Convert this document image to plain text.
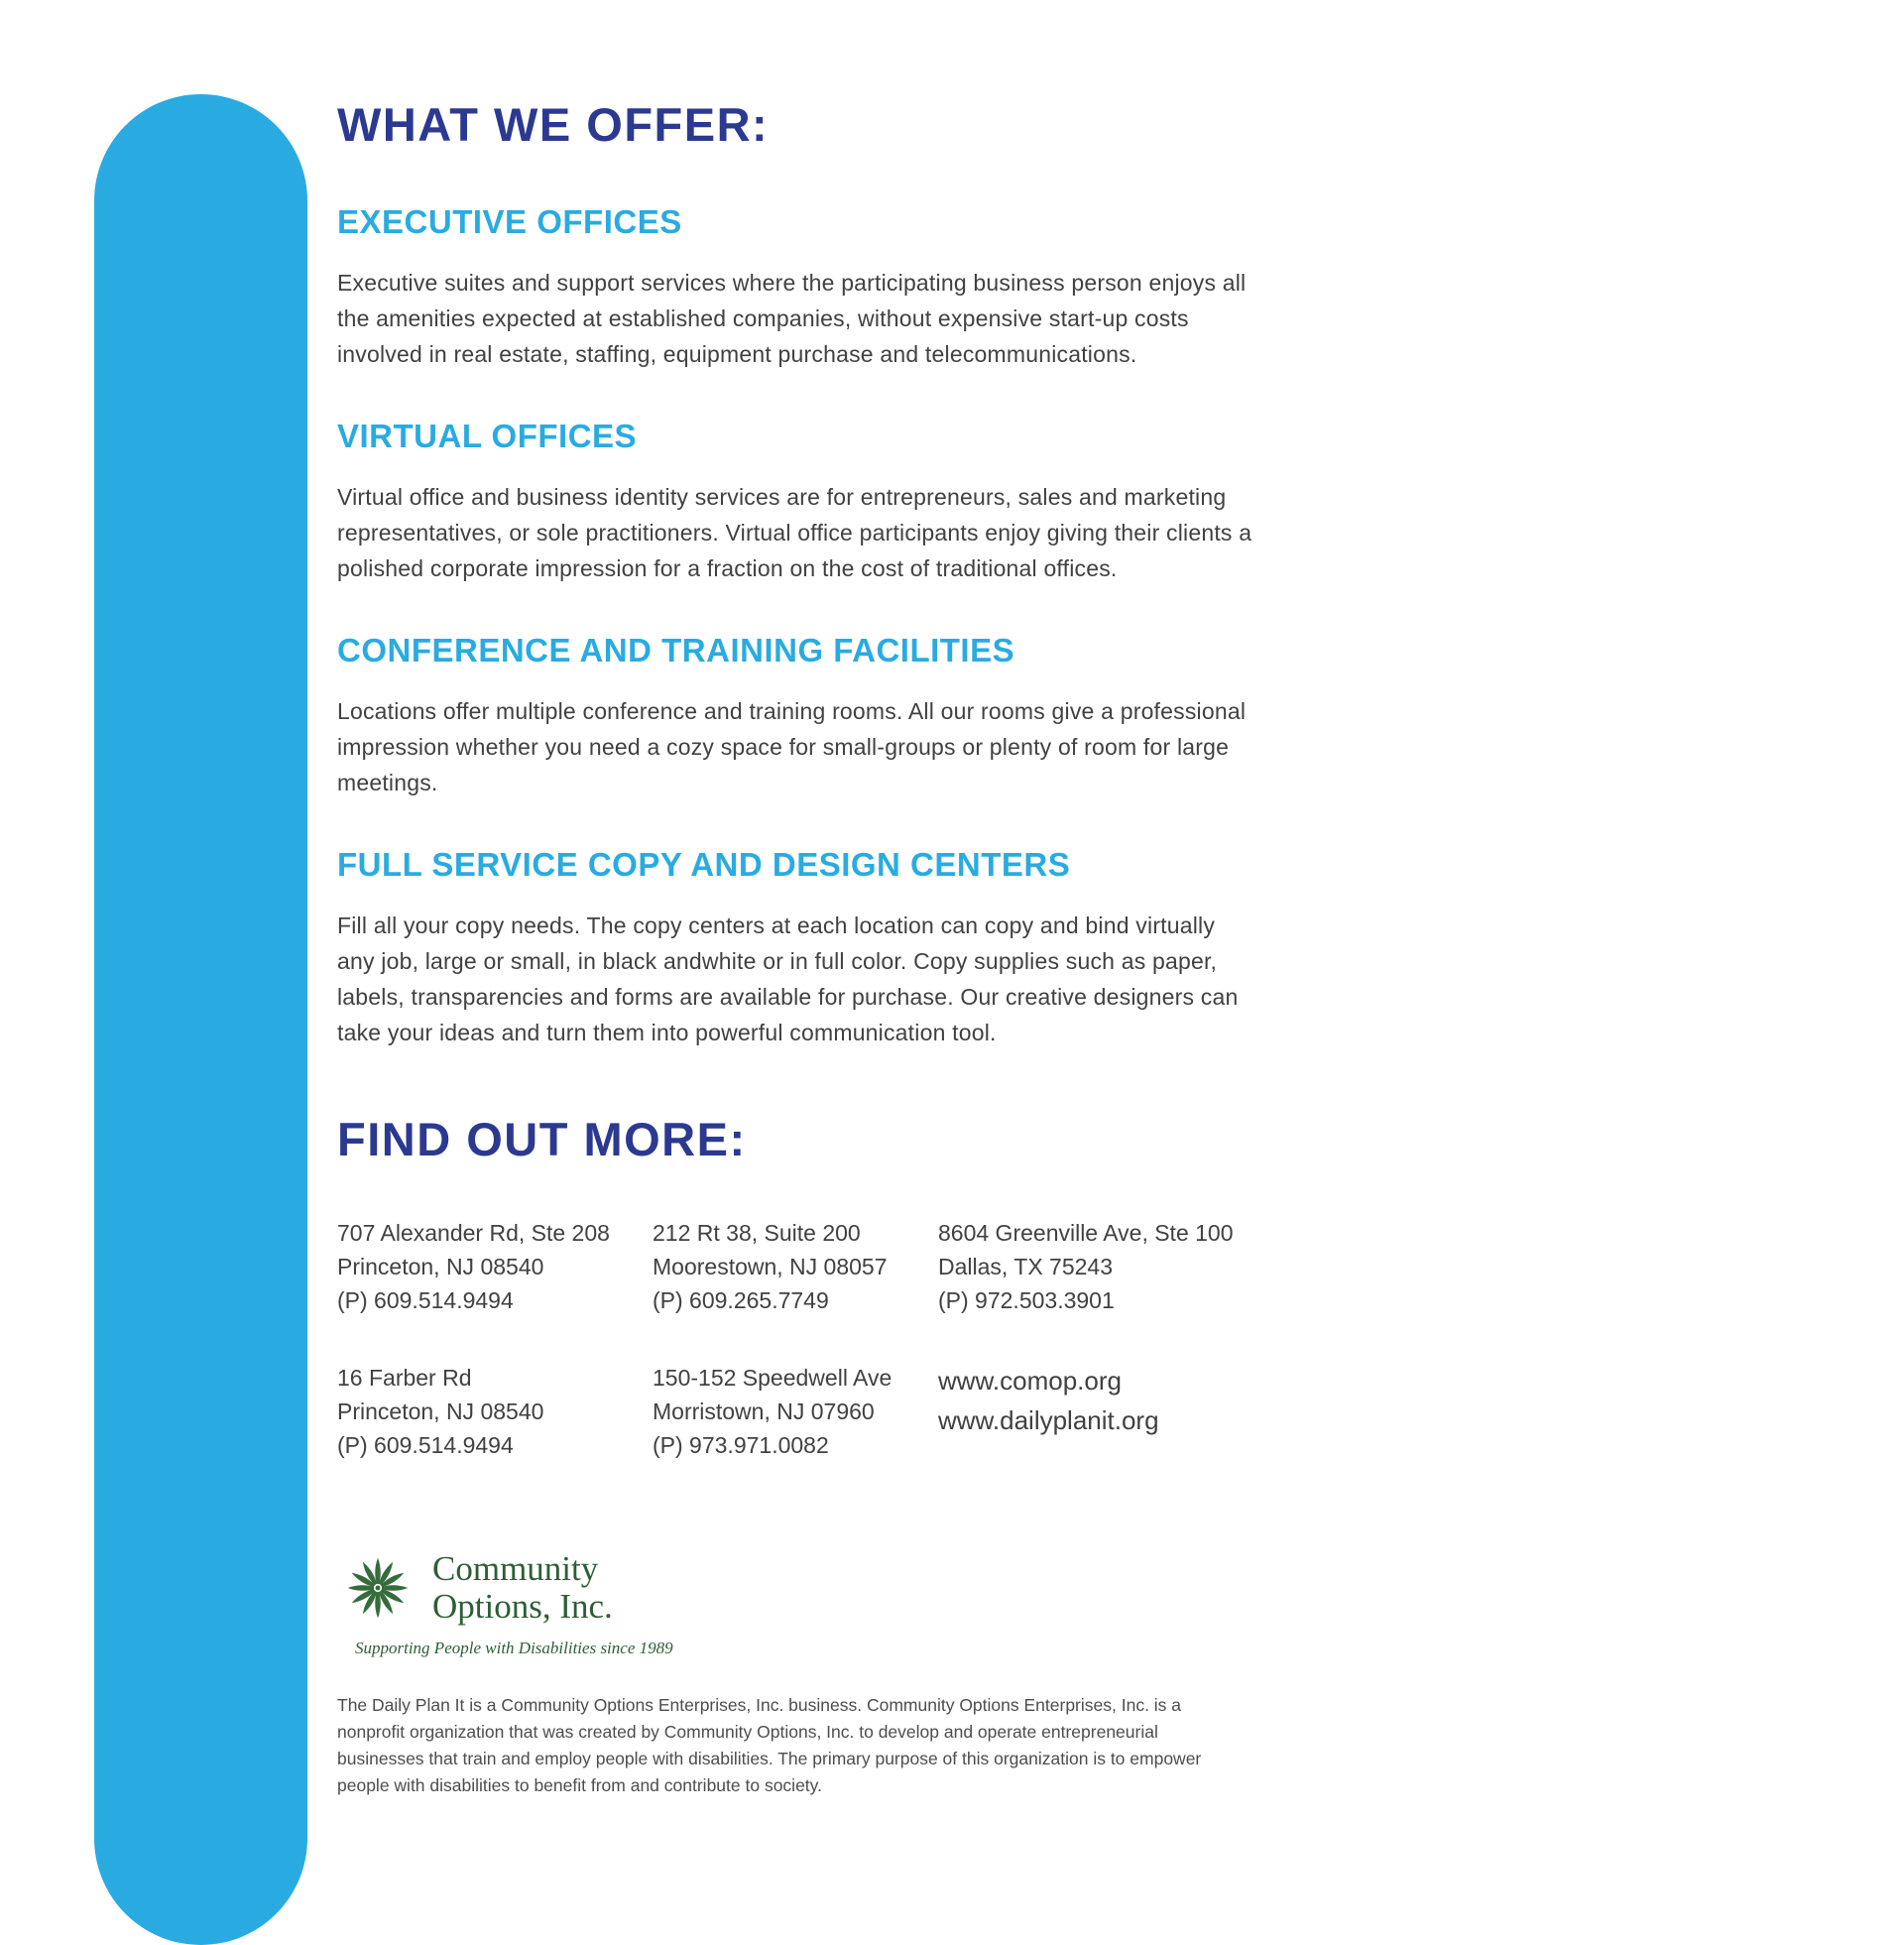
WHAT WE OFFER:
EXECUTIVE OFFICES

Executive suites and support services where the participating business person enjoys all the amenities expected at established companies, without expensive start-up costs involved in real estate, staffing, equipment purchase and telecommunications.

VIRTUAL OFFICES

Virtual office and business identity services are for entrepreneurs, sales and marketing representatives, or sole practitioners. Virtual office participants enjoy giving their clients a polished corporate impression for a fraction on the cost of traditional offices.

CONFERENCE AND TRAINING FACILITIES

Locations offer multiple conference and training rooms. All our rooms give a professional impression whether you need a cozy space for small-groups or plenty of room for large meetings.

FULL SERVICE COPY AND DESIGN CENTERS

Fill all your copy needs. The copy centers at each location can copy and bind virtually any job, large or small, in black andwhite or in full color. Copy supplies such as paper, labels, transparencies and forms are available for purchase. Our creative designers can take your ideas and turn them into powerful communication tool.

FIND OUT MORE:
707 Alexander Rd, Ste 208
Princeton, NJ 08540
(P) 609.514.9494
212 Rt 38, Suite 200
Moorestown, NJ 08057
(P) 609.265.7749
8604 Greenville Ave, Ste 100
Dallas, TX 75243
(P) 972.503.3901
16 Farber Rd
Princeton, NJ 08540
(P) 609.514.9494
150-152 Speedwell Ave
Morristown, NJ 07960
(P) 973.971.0082
www.comop.org
www.dailyplanit.org
Community
Options, Inc.
Supporting People with Disabilities since 1989

The Daily Plan It is a Community Options Enterprises, Inc. business. Community Options Enterprises, Inc. is a nonprofit organization that was created by Community Options, Inc. to develop and operate entrepreneurial businesses that train and employ people with disabilities. The primary purpose of this organization is to empower people with disabilities to benefit from and contribute to society.
